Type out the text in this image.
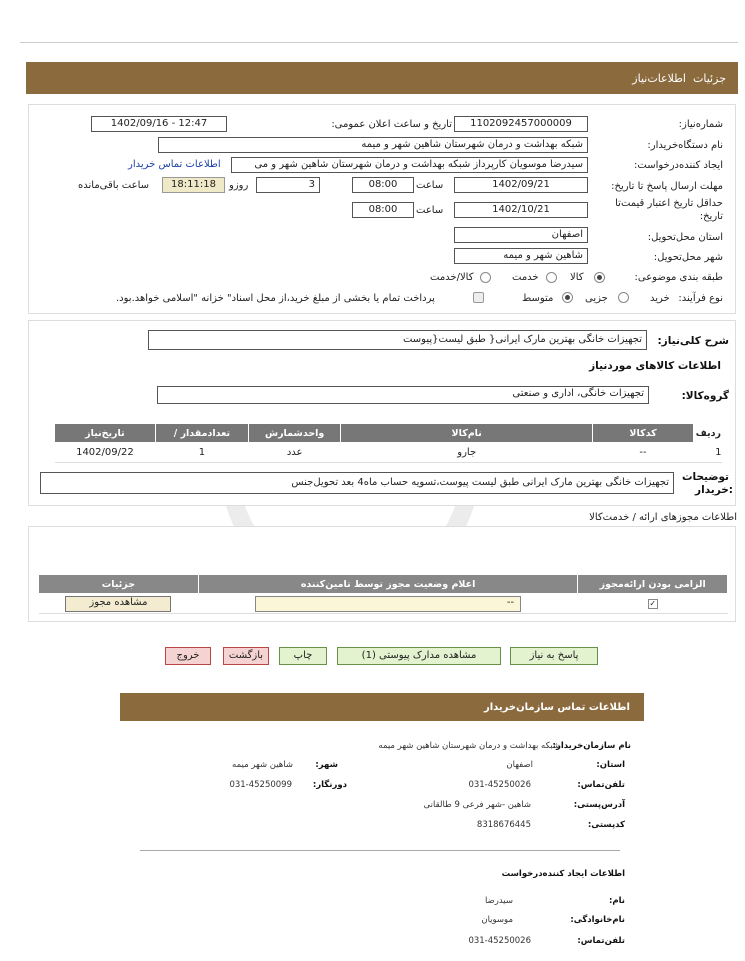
جزئیات
اطلاعات‌نیاز
شماره‌نیاز:
1102092457000009
تاریخ و ساعت اعلان عمومی:
1402/09/16 - 12:47
نام دستگاه‌خریدار:
شبکه بهداشت و درمان شهرستان شاهین شهر و میمه
ایجاد کننده‌درخواست:
سیدرضا موسویان کارپرداز شبکه بهداشت و درمان شهرستان شاهین شهر و می
اطلاعات تماس خریدار
مهلت ارسال پاسخ تا تاریخ:
1402/09/21
ساعت
08:00
3
روزو
18:11:18
ساعت باقی‌مانده
حداقل تاریخ اعتبار قیمت‌تا
تاریخ:
1402/10/21
ساعت
08:00
استان محل‌تحویل:
اصفهان
شهر محل‌تحویل:
شاهین شهر و میمه
طبقه بندی موضوعی:
کالا
خدمت
کالا/خدمت
نوع فرآیند:
خرید
جزیی
متوسط
پرداخت تمام یا بخشی از مبلغ خرید،از محل اسناد" خزانه "اسلامی خواهد.بود.
شرح کلی‌نیاز:
تجهیزات خانگی بهترین مارک ایرانی{ طبق لیست{پیوست
اطلاعات کالاهای موردنیاز
گروه‌کالا:
تجهیزات خانگی، اداری و صنعتی
ردیف	کدکالا	نام‌کالا	واحدشمارش	تعدادمقدار /	تاریخ‌نیاز
1	--	جارو	عدد	1	1402/09/22
توضیحات
:خریدار
تجهیزات خانگی بهترین مارک ایرانی طبق لیست پیوست،تسویه حساب ماه4 بعد تحویل‌جنس
اطلاعات مجوزهای ارائه / خدمت‌کالا
الزامی بودن ارائه‌مجوز	اعلام وضعیت مجوز توسط تامین‌کننده	جزئیات
✓	--	مشاهده مجوز
پاسخ به نیاز
مشاهده مدارک پیوستی (1)
چاپ
بازگشت
خروج
اطلاعات تماس سازمان‌خریدار
نام سازمان‌خریدار:
شبکه بهداشت و درمان شهرستان شاهین شهر میمه
استان:
اصفهان
شهر:
شاهین شهر میمه
تلفن‌تماس:
031-45250026
دورنگار:
031-45250099
آدرس‌پستی:
شاهین -شهر فرعی 9 طالقانی
کد‌پستی:
8318676445
اطلاعات ایجاد کننده‌درخواست
نام:
سیدرضا
نام‌خانوادگی:
موسویان
تلفن‌تماس:
031-45250026
